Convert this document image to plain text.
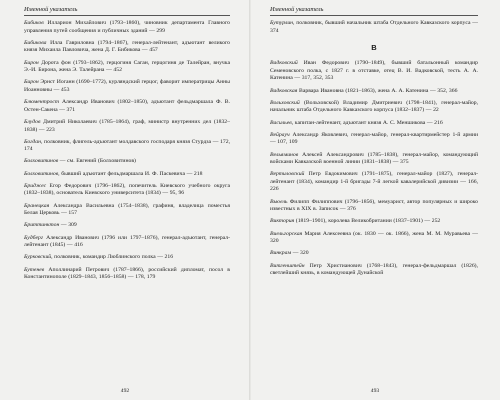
Именной указатель

Бибиков Илларион Михайлович (1793–1860), чиновник департамента Главного управления путей сообщения и публичных зданий — 299

Бибикова Илла Гавриловна (1794–1867), генерал-лейтенант, адъютант великого князя Михаила Павловича, жена Д. Г. Бибикова — 457

Бирон Дорота фон (1793–1862), герцогиня Саган, герцогиня де Талейран, внучка Э.-И. Бирона, жена Э. Талейрана — 452

Бирон Эрнст Иоганн (1690–1772), курляндский герцог, фаворит императрицы Анны Иоанновны — 453

Блюментрост Александр Иванович (1802–1850), адъютант фельдмаршала Ф. В. Остен-Сакена — 371

Блудов Дмитрий Николаевич (1785–1864), граф, министр внутренних дел (1832–1838) — 223

Богдан, полковник, флигель-адъютант молдавского господаря князя Стурдза — 172, 174

Болховитинов — см. Евгений (Болховитинов)

Болховитинов, бывший адъютант фельдмаршала И. Ф. Паскевича — 218

Бриджес Егор Федорович (1796–1862), попечитель Киевского учебного округа (1832–1838), основатель Киевского университета (1834) — 95, 96

Бранецкая Александра Васильевна (1754–1838), графиня, владелица поместья Белая Церковь — 157

Бриттинктон — 309

Будберг Александр Иванович (1796 или 1797–1876), генерал-адъютант, генерал-лейтенант (1845) — 416

Бурковский, полковник, командир Люблинского полка — 216

Бутенев Аполлинарий Петрович (1787–1866), российский дипломат, посол в Константинополе (1829–1843, 1856–1858) — 178, 179

492
Именной указатель

Бутурлин, полковник, бывший начальник штаба Отдельного Кавказского корпуса — 374

В

Вадковский Иван Федорович (1790–1849), бывший батальонный командир Семеновского полка, с 1827 г. в отставке, отец В. И. Вадковской, тесть А. А. Катенина — 317, 352, 353

Вадковская Варвара Ивановна (1821–1863), жена А. А. Катенина — 352, 366

Вольховский (Вольховской) Владимир Дмитриевич (1798–1841), генерал-майор, начальник штаба Отдельного Кавказского корпуса (1832–1837) — 22

Васильев, капитан-лейтенант, адъютант князя А. С. Меншикова — 216

Вейрауч Александр Яковлевич, генерал-майор, генерал-квартирмейстер 1-й армии — 107, 109

Вельяминов Алексей Александрович (1785–1838), генерал-майор, командующий войсками Кавказской военной линии (1831–1838) — 375

Вертиловский Петр Евдокимович (1791–1875), генерал-майор (1827), генерал-лейтенант (1834), командир 1-й бригады 7-й легкой кавалерийской дивизии — 166, 226

Вьюель Филипп Филиппович (1796–1856), мемуарист, автор популярных и широко известных в XIX в. Записок — 376

Виктория (1819–1901), королева Великобритании (1837–1901) — 252

Виельгорская Мария Алексеевна (ок. 1830 — ок. 1866), жена М. М. Муравьева — 320

Винкрам — 320

Витгенштейн Петр Христианович (1768–1843), генерал-фельдмаршал (1826), светлейший князь, в командующей Дунайской

493
